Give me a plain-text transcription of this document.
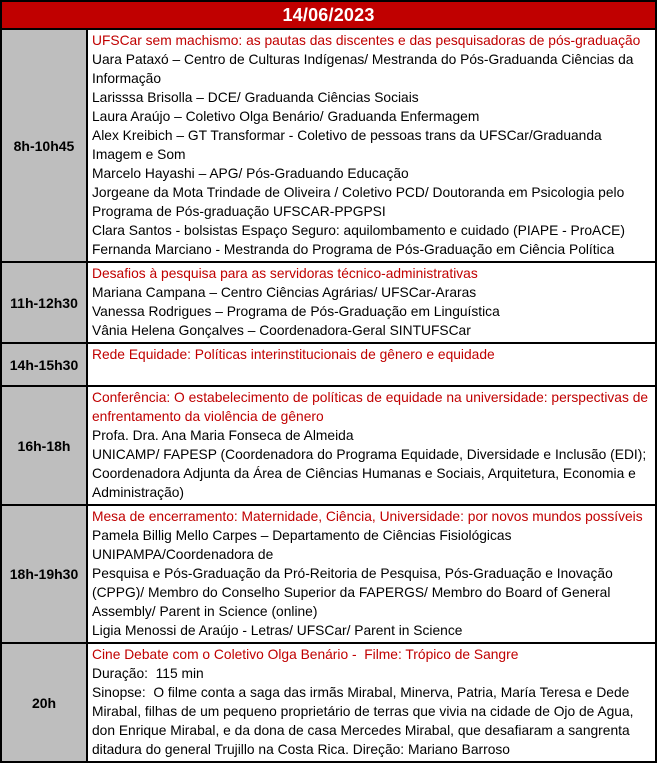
14/06/2023
8h-10h45
UFSCar sem machismo: as pautas das discentes e das pesquisadoras de pós-graduação
Uara Pataxó – Centro de Culturas Indígenas/ Mestranda do Pós-Graduanda Ciências da Informação
Larisssa Brisolla – DCE/ Graduanda Ciências Sociais
Laura Araújo – Coletivo Olga Benário/ Graduanda Enfermagem
Alex Kreibich – GT Transformar - Coletivo de pessoas trans da UFSCar/Graduanda Imagem e Som
Marcelo Hayashi – APG/ Pós-Graduando Educação
Jorgeane da Mota Trindade de Oliveira / Coletivo PCD/ Doutoranda em Psicologia pelo Programa de Pós-graduação UFSCAR-PPGPSI
Clara Santos - bolsistas Espaço Seguro: aquilombamento e cuidado (PIAPE - ProACE)
Fernanda Marciano - Mestranda do Programa de Pós-Graduação em Ciência Política
11h-12h30
Desafios à pesquisa para as servidoras técnico-administrativas
Mariana Campana – Centro Ciências Agrárias/ UFSCar-Araras
Vanessa Rodrigues – Programa de Pós-Graduação em Linguística
Vânia Helena Gonçalves – Coordenadora-Geral SINTUFSCar
14h-15h30
Rede Equidade: Políticas interinstitucionais de gênero e equidade
16h-18h
Conferência: O estabelecimento de políticas de equidade na universidade: perspectivas de enfrentamento da violência de gênero
Profa. Dra. Ana Maria Fonseca de Almeida
UNICAMP/ FAPESP (Coordenadora do Programa Equidade, Diversidade e Inclusão (EDI); Coordenadora Adjunta da Área de Ciências Humanas e Sociais, Arquitetura, Economia e Administração)
18h-19h30
Mesa de encerramento: Maternidade, Ciência, Universidade: por novos mundos possíveis
Pamela Billig Mello Carpes – Departamento de Ciências Fisiológicas
UNIPAMPA/Coordenadora de
Pesquisa e Pós-Graduação da Pró-Reitoria de Pesquisa, Pós-Graduação e Inovação (CPPG)/ Membro do Conselho Superior da FAPERGS/ Membro do Board of General Assembly/ Parent in Science (online)
Ligia Menossi de Araújo - Letras/ UFSCar/ Parent in Science
20h
Cine Debate com o Coletivo Olga Benário -  Filme: Trópico de Sangre
Duração:  115 min
Sinopse:  O filme conta a saga das irmãs Mirabal, Minerva, Patria, María Teresa e Dede Mirabal, filhas de um pequeno proprietário de terras que vivia na cidade de Ojo de Agua, don Enrique Mirabal, e da dona de casa Mercedes Mirabal, que desafiaram a sangrenta ditadura do general Trujillo na Costa Rica. Direção: Mariano Barroso
